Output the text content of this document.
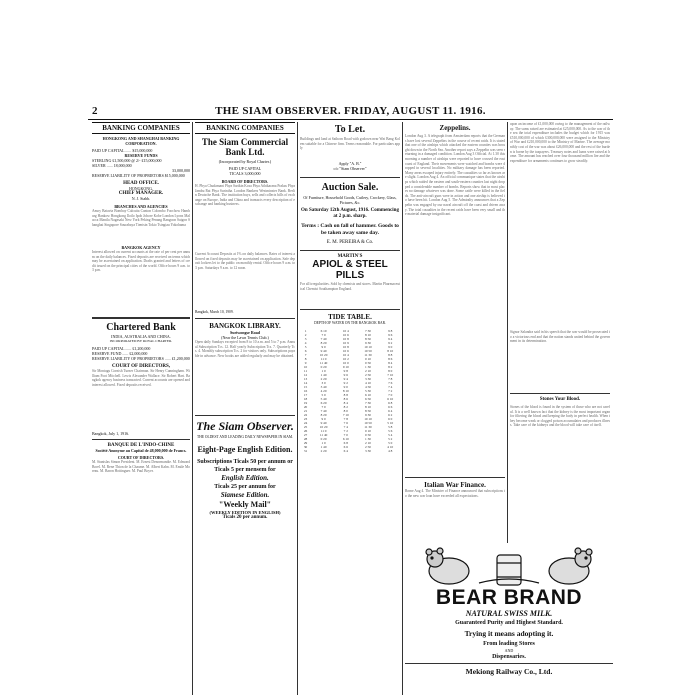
2	THE SIAM OBSERVER. FRIDAY, AUGUST 11. 1916.
BANKING COMPANIES
HONGKONG AND SHANGHAI BANKING CORPORATION.
PAID UP CAPITAL ...... $15,000,000
RESERVE FUNDS
STERLING £1,500,000 @ 2/- £15,000,000
SILVER ...... 18,000,000
33,000,000
RESERVE LIABILITY OF PROPRIETORS $15,000,000
HEAD OFFICE.
HONGKONG.
CHIEF MANAGER.
N. J. Stabb.
BRANCHES AND AGENCIES
Amoy Batavia Bombay Calcutta Canton Colombo Foochow Hamburg Hankow Hongkong Iloilo Ipoh Johore Kobe London Lyons Malacca Manila Nagasaki New York Peking Penang Rangoon Saigon Shanghai Singapore Sourabaya Tientsin Tokio Tsingtau Yokohama
BANGKOK AGENCY
Interest allowed on current accounts at the rate of per cent per annum on the daily balances. Fixed deposits are received on terms which may be ascertained on application. Drafts granted and letters of credit issued on the principal cities of the world. Office hours 9 a.m. to 3 p.m.
Chartered Bank
INDIA, AUSTRALIA AND CHINA.
INCORPORATED BY ROYAL CHARTER.
PAID UP CAPITAL ...... £1,200,000
RESERVE FUND ...... £2,000,000
RESERVE LIABILITY OF PROPRIETORS ...... £1,200,000
COURT OF DIRECTORS,
Sir Montagu Cornish Turner Chairman. Sir Henry Cunningham. William Foot Mitchell. Lewis Alexander Wallace. Sir Robert Hart. Bangkok agency business transacted. Current accounts are opened and interest allowed. Fixed deposits received.
Bangkok, July 1, 1916.
BANQUE DE L'INDO-CHINE
Société Anonyme au Capital de 48,000,000 de Francs.
COURT OF DIRECTORS.
M. Stanislas Simon President. M. Ernest Denormandie. M. Edmond Borel. M. Rene Thion de la Chaume. M. Albert Kahn. M. Emile Moreau. M. Baron Hottinguer. M. Paul Boyer.
BANKING COMPANIES
The Siam Commercial Bank Ltd.
(Incorporated by Royal Charter.)
PAID UP CAPITAL
TICALS 3,000,000
BOARD OF DIRECTORS.
H. Phya Chudamani Phya Sarikin Kosa Phya Athikarana Prakas Phya Jambu Rat Phya Surintha. London Bankers Westminster Bank. Berlin Deutsche Bank. The institution buys, sells and collects bills of exchange on Europe, India and China and transacts every description of exchange and banking business.
Current Account Deposits at 1% on daily balances. Rates of interest allowed on fixed deposits may be ascertained on application. Safe deposit lockers let to the public on monthly rental. Office hours 9 a.m. to 3 p.m. Saturdays 9 a.m. to 12 noon.
Bangkok, March 10, 1909.
BANGKOK LIBRARY.
Suriwongse Road
(Near the Lawn Tennis Club.)
Open daily Sundays excepted from 8 to 10 a.m. and 5 to 7 p.m. Annual Subscription Tcs. 12. Half yearly Subscription Tcs. 7. Quarterly Tcs. 4. Monthly subscription Tcs. 2 for visitors only. Subscriptions payable in advance. New books are added regularly and may be obtained.
The Siam Observer.
THE OLDEST AND LEADING DAILY NEWSPAPER IN SIAM.
Eight-Page English Edition.
Subscriptions Ticals 50 per annum or Ticals 5 per mensem for
English Edition.
Ticals 25 per annum for
Siamese Edition.
"Weekly Mail"
(WEEKLY EDITION IN ENGLISH)
Ticals 20 per annum.
To Let.
Buildings and land at Sathorn Road with godown near Wat Bang Kolem suitable for a Chinese firm. Terms reasonable. For particulars apply
Apply "A. B."
c/o "Siam Observer"
Auction Sale.
Of Furniture, Household Goods, Cutlery, Crockery, Glass, Pictures, &c.
On Saturday 12th August, 1916. Commencing at 2 p.m. sharp.
Terms : Cash on fall of hammer. Goods to be taken away same day.
E. M. PEREIRA & Co.
MARTIN'S
APIOL & STEEL PILLS
For all irregularities. Sold by chemists and stores. Martin Pharmaceutical Chemist Southampton England.
TIDE TABLE.
DEPTH OF WATER ON THE BANGKOK BAR.
1	6 10	10 4	7 30	9 8
2	7 0	10 6	8 10	9 6
3	7 40	10 8	8 50	9 4
4	8 20	10 9	9 30	9 2
5	9 0	10 8	10 10	9 0
6	9 40	10 6	10 50	8 10
7	10 20	10 4	11 30	8 8
8	11 0	10 2	0 10	8 6
9	11 40	10 0	0 50	8 4
10	0 20	9 10	1 30	8 2
11	1 0	9 8	2 10	8 0
12	1 40	9 6	2 50	7 10
13	2 20	9 4	3 30	7 8
14	3 0	9 2	4 10	7 6
15	3 40	9 0	4 50	7 4
16	4 20	8 10	5 30	7 2
17	5 0	8 8	6 10	7 0
18	5 40	8 6	6 50	6 10
19	6 20	8 4	7 30	6 8
20	7 0	8 2	8 10	6 6
21	7 40	8 0	8 50	6 4
22	8 20	7 10	9 30	6 2
23	9 0	7 8	10 10	6 0
24	9 40	7 6	10 50	5 10
25	10 20	7 4	11 30	5 8
26	11 0	7 2	0 10	5 6
27	11 40	7 0	0 50	5 4
28	0 20	6 10	1 30	5 2
29	1 0	6 8	2 10	5 0
30	1 40	6 6	2 50	4 10
31	2 20	6 4	3 30	4 8
Zeppelins.
London Aug 3. A telegraph from Amsterdam reports that the Germans have lost several Zeppelins in the course of recent raids. It is stated that one of the airships which attacked the eastern counties was brought down in the North Sea. Another report says a Zeppelin was seen returning in a damaged condition. London Aug 3 Official. At 1.30 this morning a number of airships were reported to have crossed the east coast of England. Their movements were watched and bombs were dropped in several localities. No military damage has been reported. Many areas escaped injury entirely. The casualties so far as known are slight. London Aug 4. An official communique states that the airships which raided the eastern and south-eastern counties last night dropped a considerable number of bombs. Reports show that in most places no damage whatever was done. Some cattle were killed in the fields. The anti-aircraft guns were in action and one airship is believed to have been hit. London Aug 5. The Admiralty announces that a Zeppelin was engaged by our naval aircraft off the coast and driven away. The total casualties in the recent raids have been very small and the material damage insignificant.
Italian War Finance.
Rome Aug 4. The Minister of Finance announced that subscriptions to the new war loan have exceeded all expectations.
upon an income of £1,000,000 owing to the management of the railway. The sums raised are estimated at £25,000,000. As to the war of the sea the total expenditure includes the budget which for 1915 was £510,000,000 of which £300,000,000 were assigned to the Ministry of War and £210,000,000 to the Ministry of Marine. The average monthly cost of the war was about £26,000,000 and the rest of the burden is borne by the taxpayers. Treasury notes and loans were raised at home. The amount has reached over four thousand million lire and the expenditure for armaments continues to grow steadily.
Signor Salandra said in his speech that the war would be prosecuted to a victorious end and that the nation stands united behind the government in its determination.
Stones Your Blood.
Stones of the blood is found in the system of those who are not careful. It is a well known fact that the kidney is the most important organ for filtering the blood and keeping the body in perfect health. When they become weak or clogged poison accumulates and produces illness. Take care of the kidneys and the blood will take care of itself.
BEAR BRAND
NATURAL SWISS MILK.
Guaranteed Purity and Highest Standard.
Trying it means adopting it.
From leading Stores
AND
Dispensaries.
Mekiong Railway Co., Ltd.
